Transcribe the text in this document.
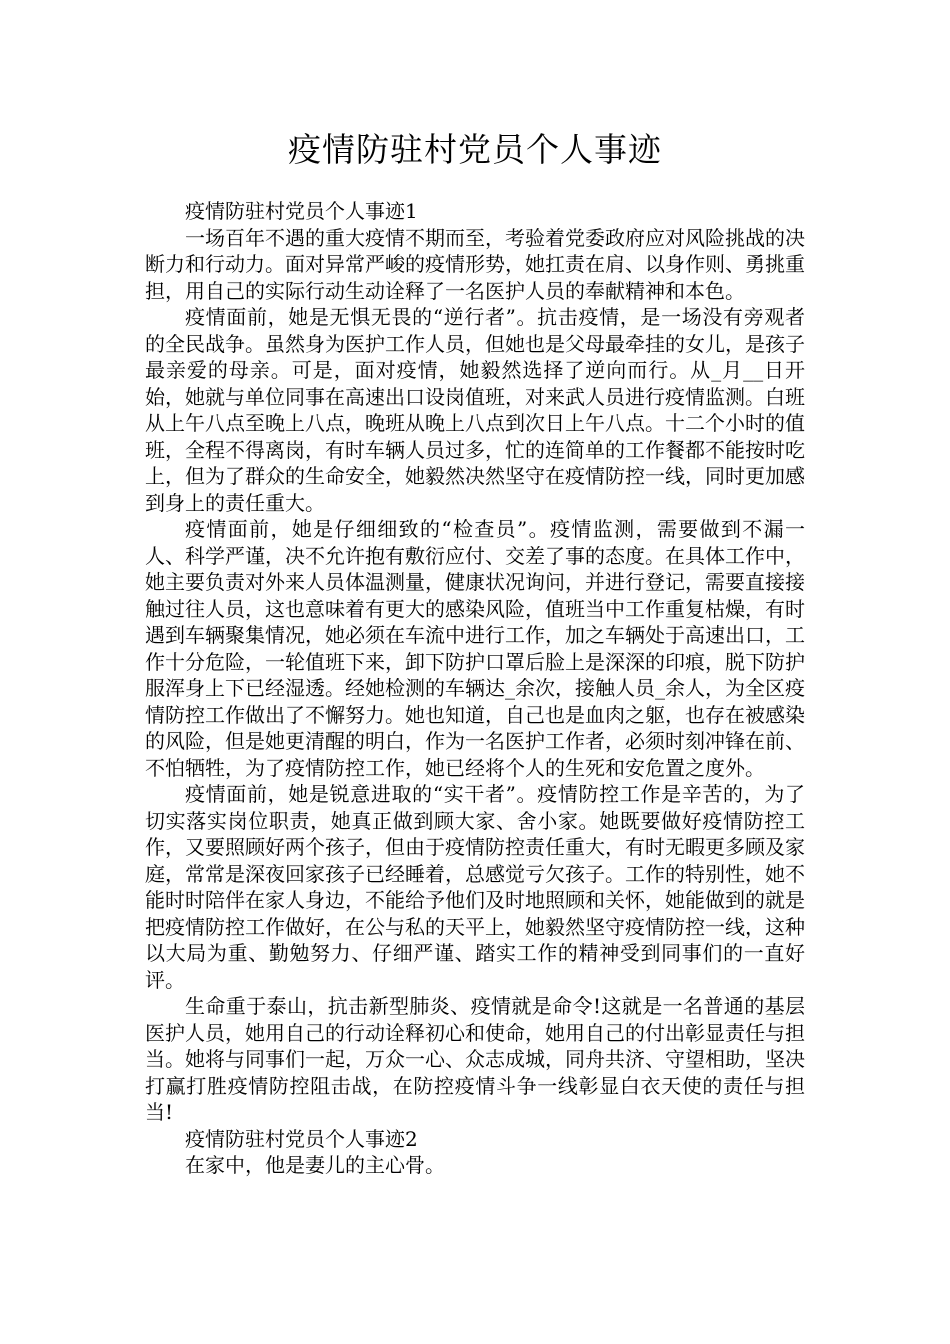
疫情防驻村党员个人事迹

疫情防驻村党员个人事迹1

一场百年不遇的重大疫情不期而至，考验着党委政府应对风险挑战的决断力和行动力。面对异常严峻的疫情形势，她扛责在肩、以身作则、勇挑重担，用自己的实际行动生动诠释了一名医护人员的奉献精神和本色。

疫情面前，她是无惧无畏的“逆行者”。抗击疫情，是一场没有旁观者的全民战争。虽然身为医护工作人员，但她也是父母最牵挂的女儿，是孩子最亲爱的母亲。可是，面对疫情，她毅然选择了逆向而行。从_月__日开始，她就与单位同事在高速出口设岗值班，对来武人员进行疫情监测。白班从上午八点至晚上八点，晚班从晚上八点到次日上午八点。十二个小时的值班，全程不得离岗，有时车辆人员过多，忙的连简单的工作餐都不能按时吃上，但为了群众的生命安全，她毅然决然坚守在疫情防控一线，同时更加感到身上的责任重大。

疫情面前，她是仔细细致的“检查员”。疫情监测，需要做到不漏一人、科学严谨，决不允许抱有敷衍应付、交差了事的态度。在具体工作中，她主要负责对外来人员体温测量，健康状况询问，并进行登记，需要直接接触过往人员，这也意味着有更大的感染风险，值班当中工作重复枯燥，有时遇到车辆聚集情况，她必须在车流中进行工作，加之车辆处于高速出口，工作十分危险，一轮值班下来，卸下防护口罩后脸上是深深的印痕，脱下防护服浑身上下已经湿透。经她检测的车辆达_余次，接触人员_余人，为全区疫情防控工作做出了不懈努力。她也知道，自己也是血肉之躯，也存在被感染的风险，但是她更清醒的明白，作为一名医护工作者，必须时刻冲锋在前、不怕牺牲，为了疫情防控工作，她已经将个人的生死和安危置之度外。

疫情面前，她是锐意进取的“实干者”。疫情防控工作是辛苦的，为了切实落实岗位职责，她真正做到顾大家、舍小家。她既要做好疫情防控工作，又要照顾好两个孩子，但由于疫情防控责任重大，有时无暇更多顾及家庭，常常是深夜回家孩子已经睡着，总感觉亏欠孩子。工作的特别性，她不能时时陪伴在家人身边，不能给予他们及时地照顾和关怀，她能做到的就是把疫情防控工作做好，在公与私的天平上，她毅然坚守疫情防控一线，这种以大局为重、勤勉努力、仔细严谨、踏实工作的精神受到同事们的一直好评。

生命重于泰山，抗击新型肺炎、疫情就是命令!这就是一名普通的基层医护人员，她用自己的行动诠释初心和使命，她用自己的付出彰显责任与担当。她将与同事们一起，万众一心、众志成城，同舟共济、守望相助，坚决打赢打胜疫情防控阻击战，在防控疫情斗争一线彰显白衣天使的责任与担当!

疫情防驻村党员个人事迹2

在家中，他是妻儿的主心骨。
